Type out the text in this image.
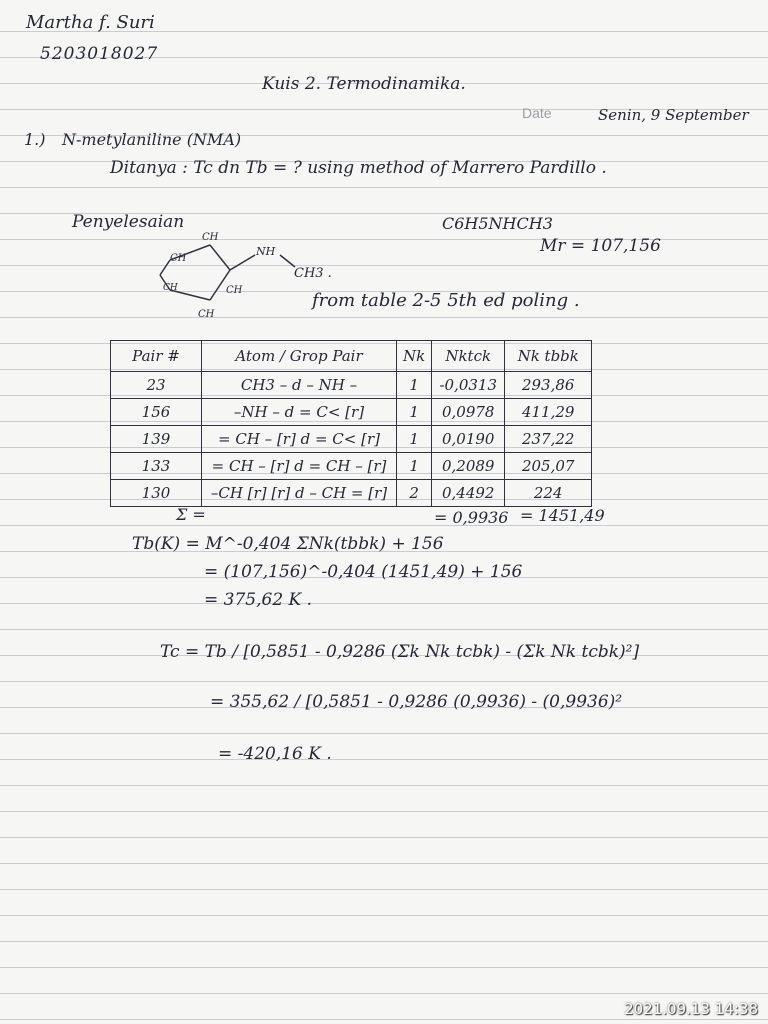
Martha f. Suri
5203018027
Kuis 2. Termodinamika.
Date	Senin, 9 September
1.) N-metylaniline (NMA)
Ditanya : Tc dn Tb = ? using method of Marrero Pardillo .
Penyelesaian	C6H5NHCH3
Mr = 107,156
CH
CH
CH	CH
CH
NH
CH3 .
from table 2-5 5th ed poling .
Pair #	Atom / Grop Pair	Nk	Nktck	Nk tbbk
23	CH3 – d – NH –	1	-0,0313	293,86
156	–NH – d = C< [r]	1	0,0978	411,29
139	= CH – [r] d = C< [r]	1	0,0190	237,22
133	= CH – [r] d = CH – [r]	1	0,2089	205,07
130	–CH [r] [r] d – CH = [r]	2	0,4492	224
Σ =	= 0,9936 = 1451,49
Tb(K) = M^-0,404 ΣNk(tbbk) + 156
= (107,156)^-0,404 (1451,49) + 156
= 375,62 K .
Tc = Tb / [0,5851 - 0,9286 (Σk Nk tcbk) - (Σk Nk tcbk)²]
= 355,62 / [0,5851 - 0,9286 (0,9936) - (0,9936)²
= -420,16 K .
2021.09.13 14:38
